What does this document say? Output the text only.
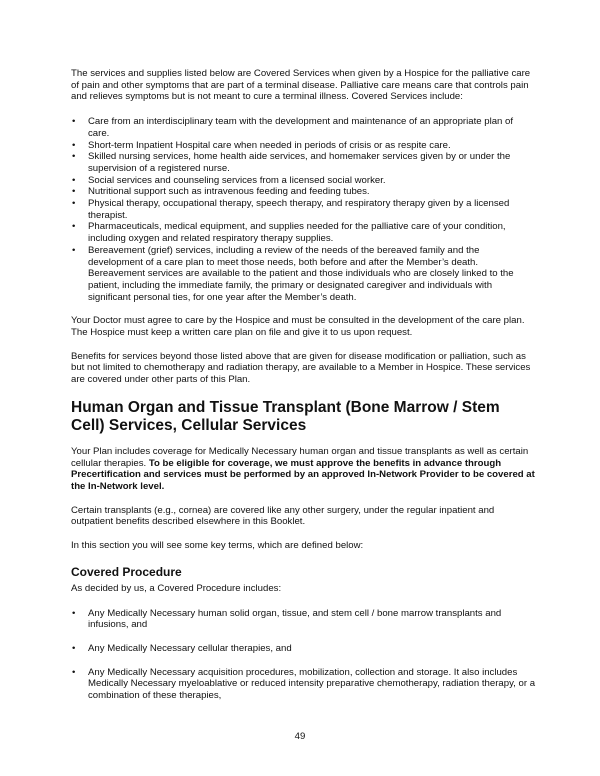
The services and supplies listed below are Covered Services when given by a Hospice for the palliative care of pain and other symptoms that are part of a terminal disease. Palliative care means care that controls pain and relieves symptoms but is not meant to cure a terminal illness. Covered Services include:

• Care from an interdisciplinary team with the development and maintenance of an appropriate plan of care.
• Short-term Inpatient Hospital care when needed in periods of crisis or as respite care.
• Skilled nursing services, home health aide services, and homemaker services given by or under the supervision of a registered nurse.
• Social services and counseling services from a licensed social worker.
• Nutritional support such as intravenous feeding and feeding tubes.
• Physical therapy, occupational therapy, speech therapy, and respiratory therapy given by a licensed therapist.
• Pharmaceuticals, medical equipment, and supplies needed for the palliative care of your condition, including oxygen and related respiratory therapy supplies.
• Bereavement (grief) services, including a review of the needs of the bereaved family and the development of a care plan to meet those needs, both before and after the Member’s death. Bereavement services are available to the patient and those individuals who are closely linked to the patient, including the immediate family, the primary or designated caregiver and individuals with significant personal ties, for one year after the Member’s death.

Your Doctor must agree to care by the Hospice and must be consulted in the development of the care plan. The Hospice must keep a written care plan on file and give it to us upon request.

Benefits for services beyond those listed above that are given for disease modification or palliation, such as but not limited to chemotherapy and radiation therapy, are available to a Member in Hospice. These services are covered under other parts of this Plan.

Human Organ and Tissue Transplant (Bone Marrow / Stem Cell) Services, Cellular Services

Your Plan includes coverage for Medically Necessary human organ and tissue transplants as well as certain cellular therapies. To be eligible for coverage, we must approve the benefits in advance through Precertification and services must be performed by an approved In-Network Provider to be covered at the In-Network level.

Certain transplants (e.g., cornea) are covered like any other surgery, under the regular inpatient and outpatient benefits described elsewhere in this Booklet.

In this section you will see some key terms, which are defined below:

Covered Procedure

As decided by us, a Covered Procedure includes:

• Any Medically Necessary human solid organ, tissue, and stem cell / bone marrow transplants and infusions, and
• Any Medically Necessary cellular therapies, and
• Any Medically Necessary acquisition procedures, mobilization, collection and storage. It also includes Medically Necessary myeloablative or reduced intensity preparative chemotherapy, radiation therapy, or a combination of these therapies,
49
